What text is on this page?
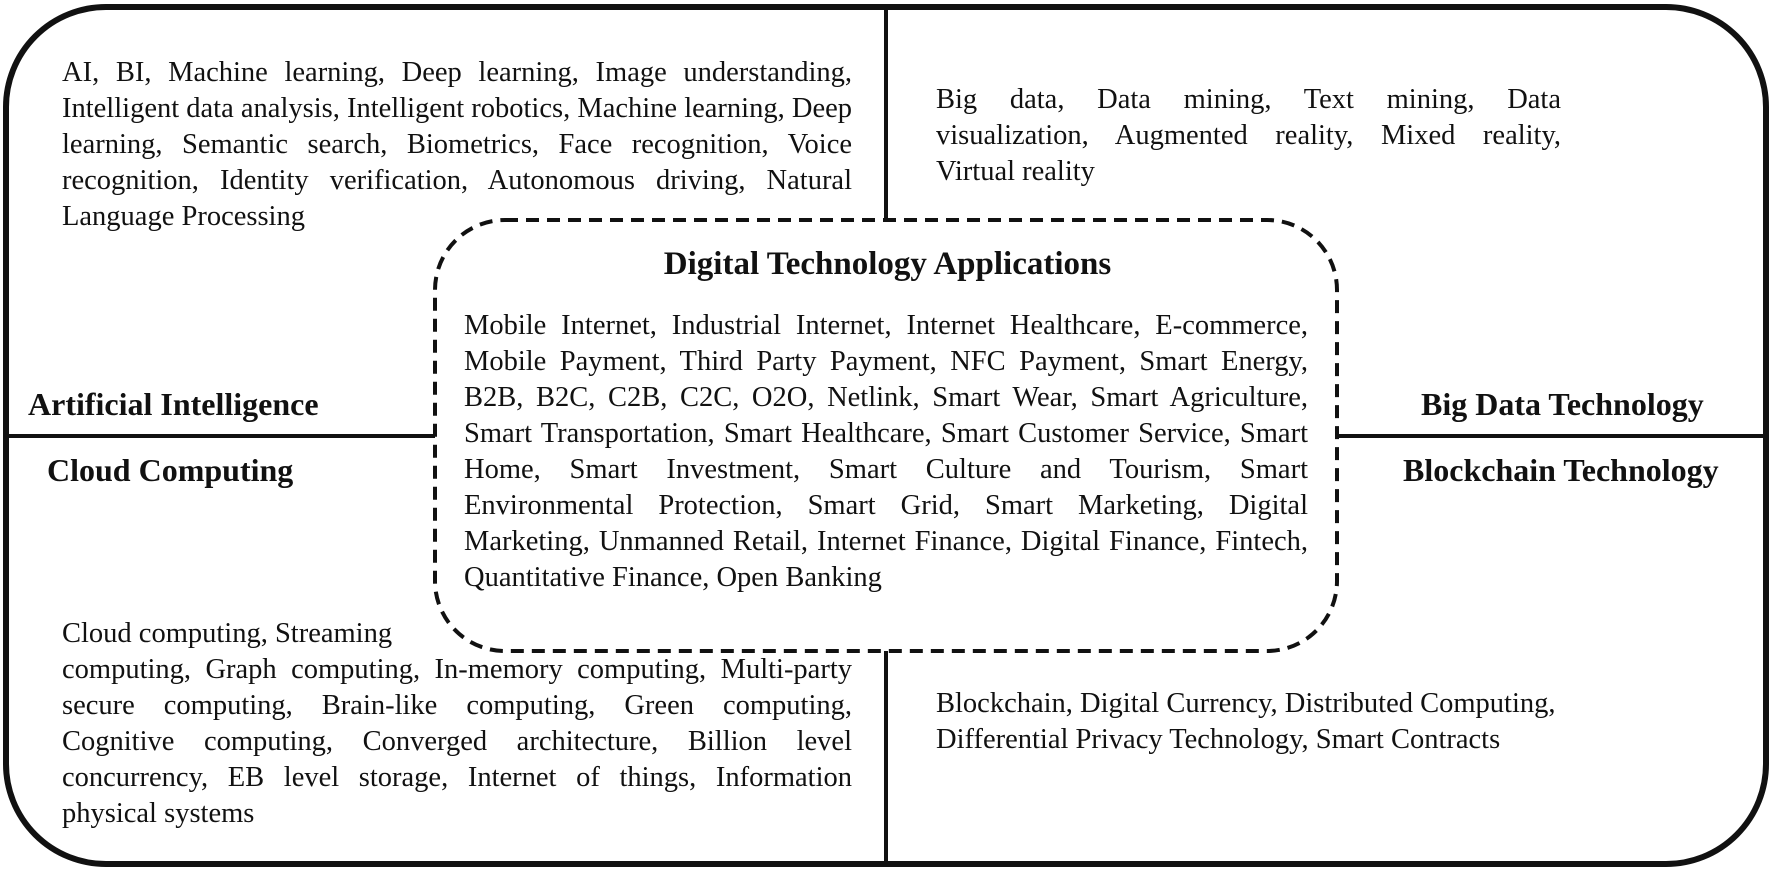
AI, BI, Machine learning, Deep learning, Image understanding, Intelligent data analysis, Intelligent robotics, Machine learning, Deep learning, Semantic search, Biometrics, Face recognition, Voice recognition, Identity verification, Autonomous driving, Natural Language Processing

Big data, Data mining, Text mining, Data visualization, Augmented reality, Mixed reality, Virtual reality

Cloud computing, Streaming
computing, Graph computing, In-memory computing, Multi-party secure computing, Brain-like computing, Green computing, Cognitive computing, Converged architecture, Billion level concurrency, EB level storage, Internet of things, Information physical systems

Blockchain, Digital Currency, Distributed Computing, Differential Privacy Technology, Smart Contracts

Digital Technology Applications

Mobile Internet, Industrial Internet, Internet Healthcare, E-commerce, Mobile Payment, Third Party Payment, NFC Payment, Smart Energy, B2B, B2C, C2B, C2C, O2O, Netlink, Smart Wear, Smart Agriculture, Smart Transportation, Smart Healthcare, Smart Customer Service, Smart Home, Smart Investment, Smart Culture and Tourism, Smart Environmental Protection, Smart Grid, Smart Marketing, Digital Marketing, Unmanned Retail, Internet Finance, Digital Finance, Fintech, Quantitative Finance, Open Banking

Artificial Intelligence
Cloud Computing
Big Data Technology
Blockchain Technology
